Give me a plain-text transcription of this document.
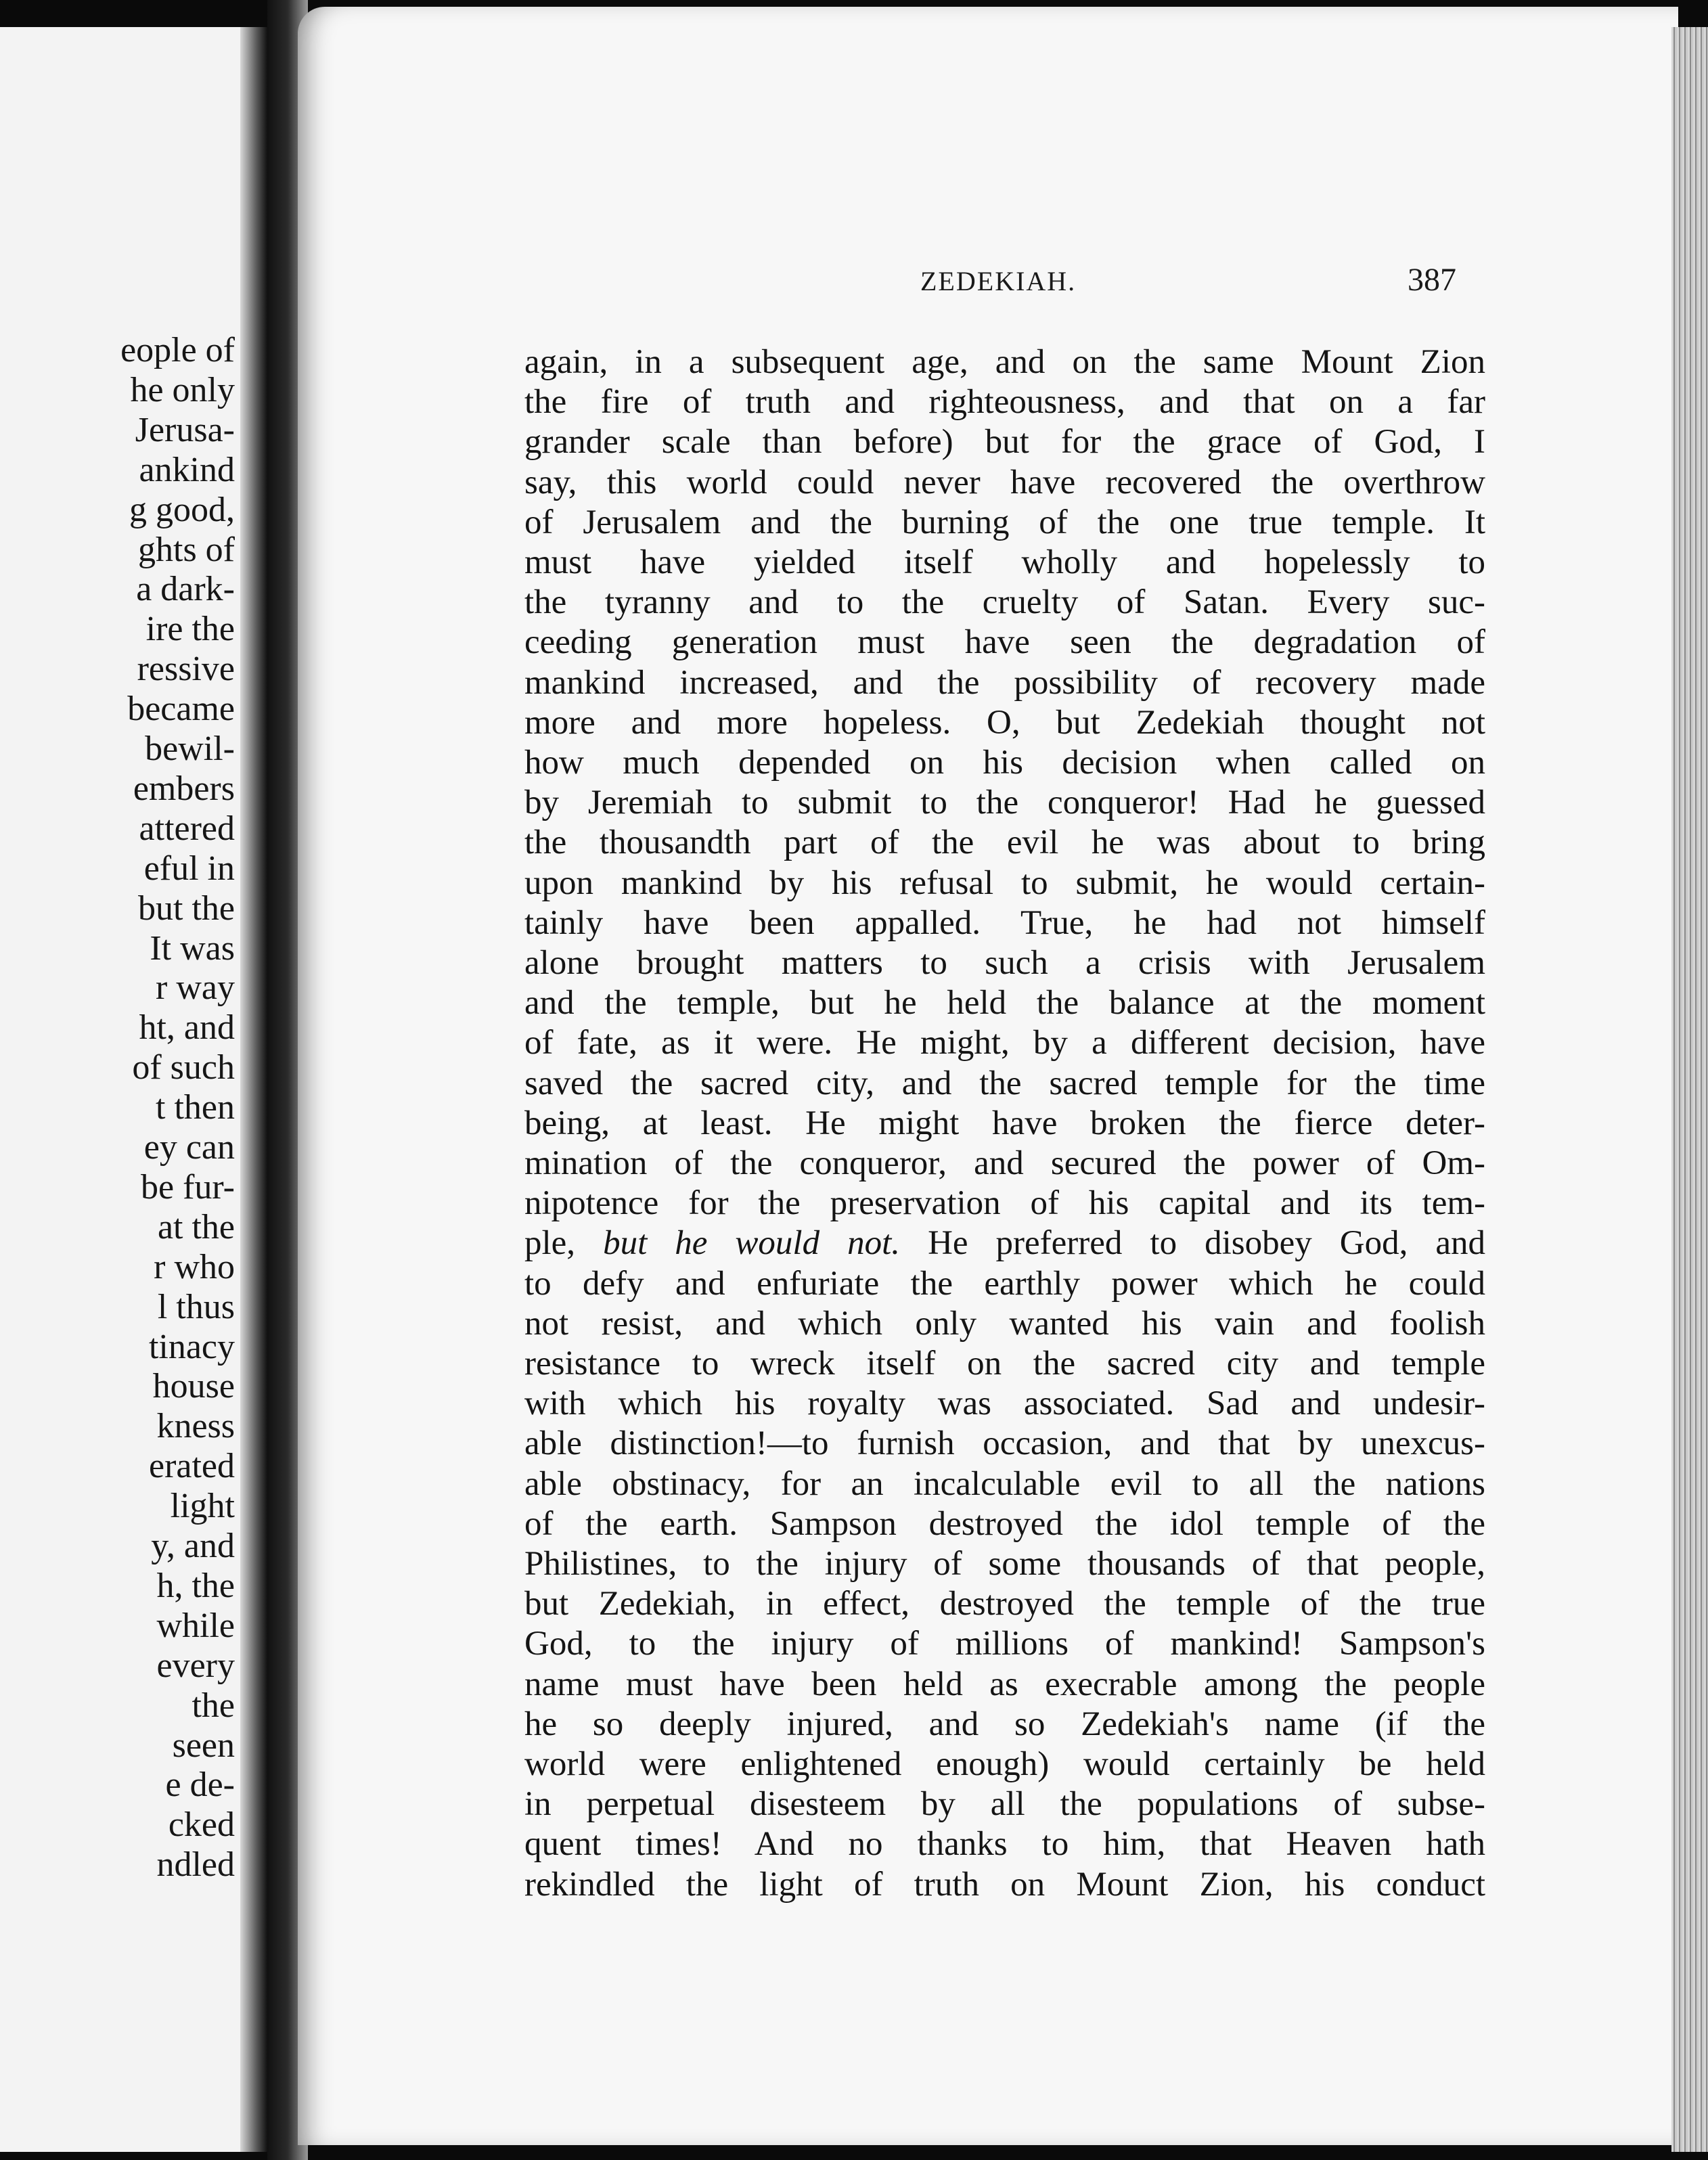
eople of
he only
Jerusa-
ankind
g good,
ghts of
a dark-
ire the
ressive
became
bewil-
embers
attered
eful in
but the
It was
r way
ht, and
of such
t then
ey can
be fur-
at the
r who
l thus
tinacy
house
kness
erated
light
y, and
h, the
while
every
the
seen
e de-
cked
ndled
ZEDEKIAH.	387
again, in a subsequent age, and on the same Mount Zion
the fire of truth and righteousness, and that on a far
grander scale than before) but for the grace of God, I
say, this world could never have recovered the overthrow
of Jerusalem and the burning of the one true temple. It
must have yielded itself wholly and hopelessly to
the tyranny and to the cruelty of Satan. Every suc-
ceeding generation must have seen the degradation of
mankind increased, and the possibility of recovery made
more and more hopeless. O, but Zedekiah thought not
how much depended on his decision when called on
by Jeremiah to submit to the conqueror! Had he guessed
the thousandth part of the evil he was about to bring
upon mankind by his refusal to submit, he would certain-
tainly have been appalled. True, he had not himself
alone brought matters to such a crisis with Jerusalem
and the temple, but he held the balance at the moment
of fate, as it were. He might, by a different decision, have
saved the sacred city, and the sacred temple for the time
being, at least. He might have broken the fierce deter-
mination of the conqueror, and secured the power of Om-
nipotence for the preservation of his capital and its tem-
ple, but he would not. He preferred to disobey God, and
to defy and enfuriate the earthly power which he could
not resist, and which only wanted his vain and foolish
resistance to wreck itself on the sacred city and temple
with which his royalty was associated. Sad and undesir-
able distinction!—to furnish occasion, and that by unexcus-
able obstinacy, for an incalculable evil to all the nations
of the earth. Sampson destroyed the idol temple of the
Philistines, to the injury of some thousands of that people,
but Zedekiah, in effect, destroyed the temple of the true
God, to the injury of millions of mankind! Sampson's
name must have been held as execrable among the people
he so deeply injured, and so Zedekiah's name (if the
world were enlightened enough) would certainly be held
in perpetual disesteem by all the populations of subse-
quent times! And no thanks to him, that Heaven hath
rekindled the light of truth on Mount Zion, his conduct
